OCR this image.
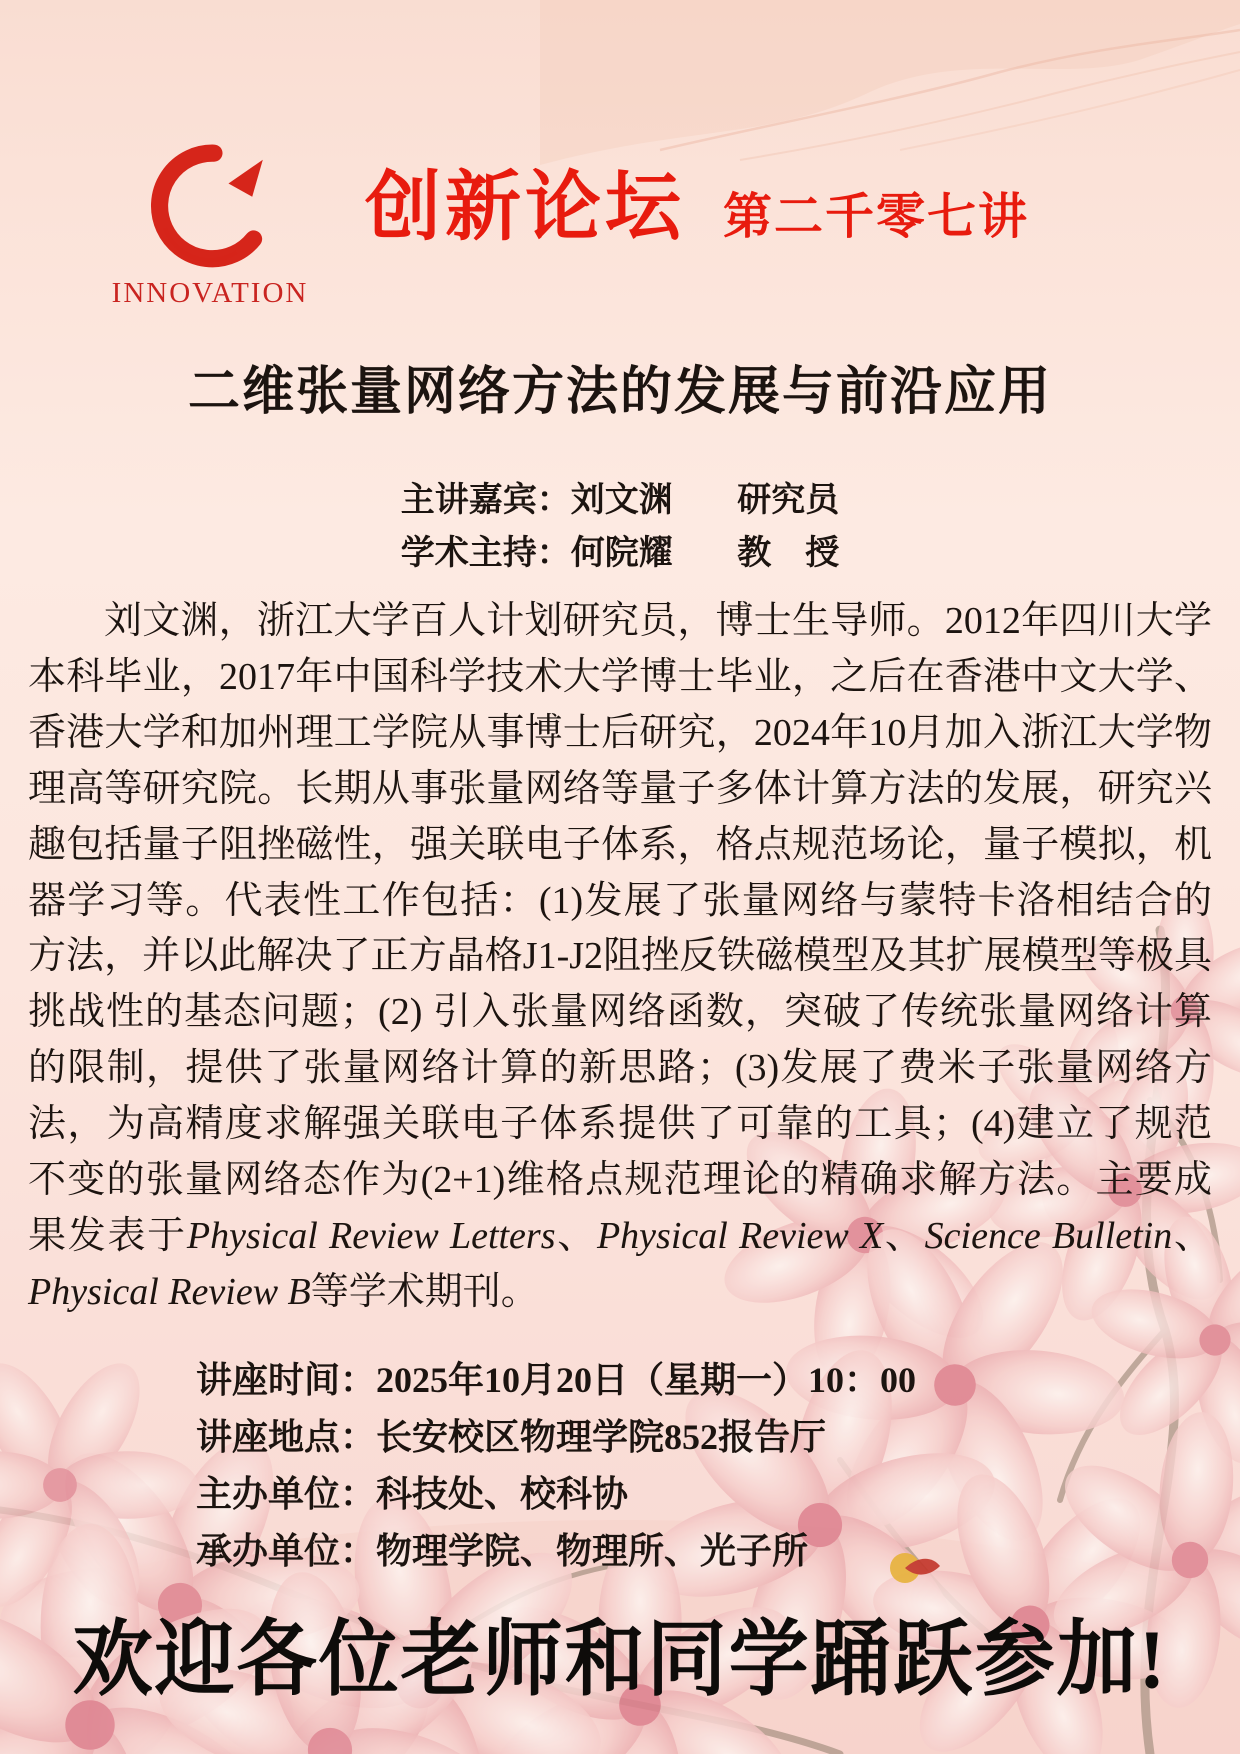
INNOVATION
创新论坛 第二千零七讲
二维张量网络方法的发展与前沿应用
主讲嘉宾：刘文渊 研究员
学术主持：何院耀 教　授

刘文渊，浙江大学百人计划研究员，博士生导师。2012年四川大学本科毕业，2017年中国科学技术大学博士毕业，之后在香港中文大学、香港大学和加州理工学院从事博士后研究，2024年10月加入浙江大学物理高等研究院。长期从事张量网络等量子多体计算方法的发展，研究兴趣包括量子阻挫磁性，强关联电子体系，格点规范场论，量子模拟，机器学习等。代表性工作包括：(1)发展了张量网络与蒙特卡洛相结合的方法，并以此解决了正方晶格J1-J2阻挫反铁磁模型及其扩展模型等极具挑战性的基态问题；(2) 引入张量网络函数，突破了传统张量网络计算的限制，提供了张量网络计算的新思路；(3)发展了费米子张量网络方法，为高精度求解强关联电子体系提供了可靠的工具；(4)建立了规范不变的张量网络态作为(2+1)维格点规范理论的精确求解方法。主要成果发表于Physical Review Letters、Physical Review X、Science Bulletin、Physical Review B等学术期刊。

讲座时间：2025年10月20日（星期一）10：00
讲座地点：长安校区物理学院852报告厅
主办单位：科技处、校科协
承办单位：物理学院、物理所、光子所
欢迎各位老师和同学踊跃参加!
